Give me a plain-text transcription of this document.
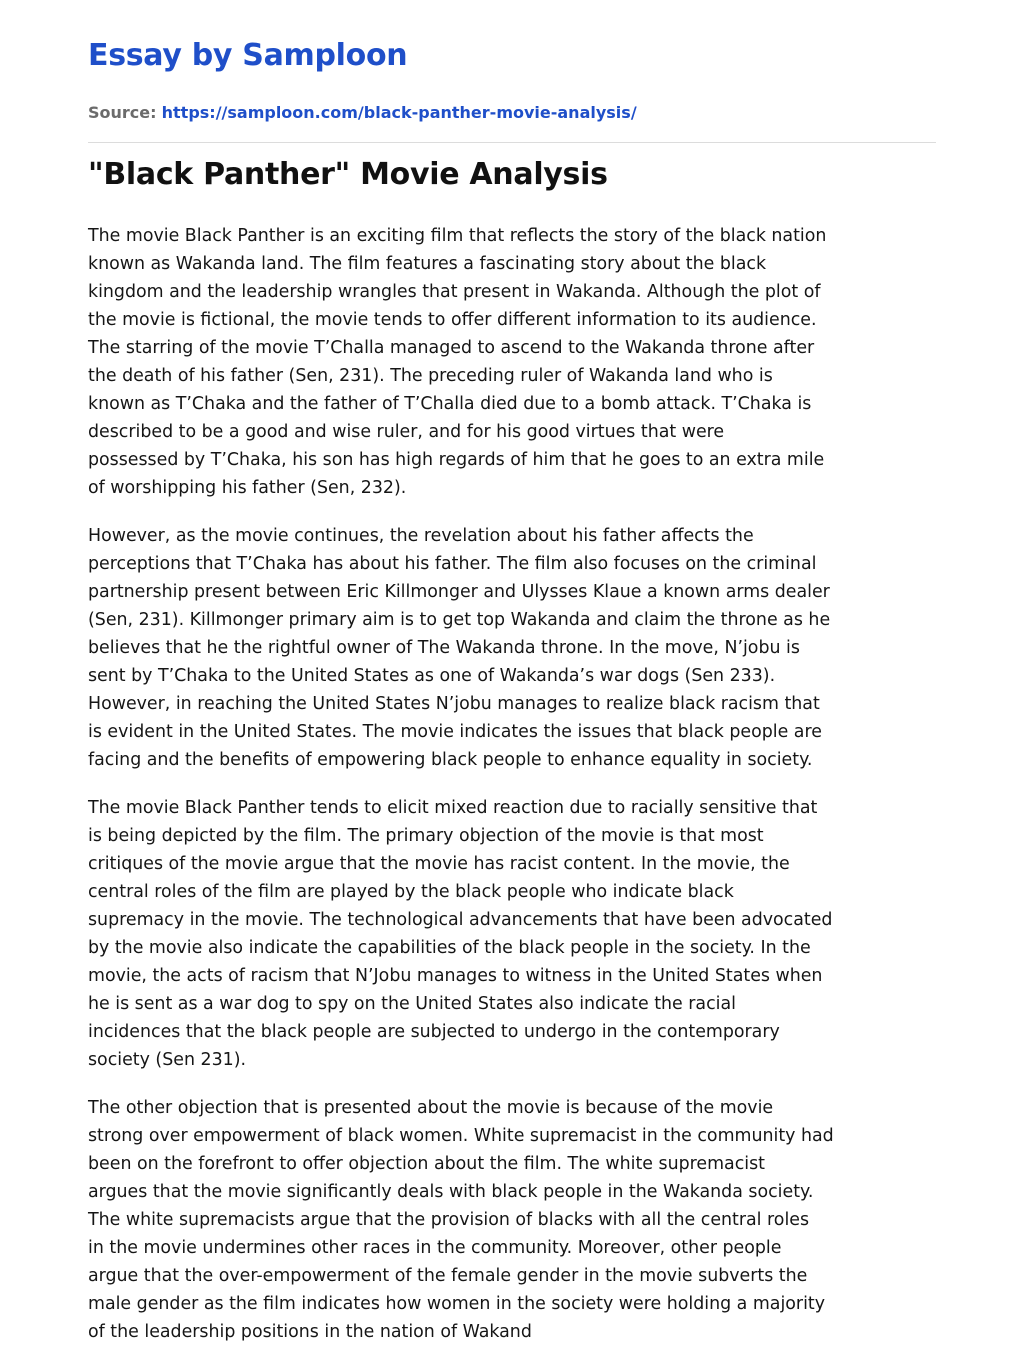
Essay by Samploon
Source: https://samploon.com/black-panther-movie-analysis/
"Black Panther" Movie Analysis

The movie Black Panther is an exciting film that reflects the story of the black nation
known as Wakanda land. The film features a fascinating story about the black
kingdom and the leadership wrangles that present in Wakanda. Although the plot of
the movie is fictional, the movie tends to offer different information to its audience.
The starring of the movie T’Challa managed to ascend to the Wakanda throne after
the death of his father (Sen, 231). The preceding ruler of Wakanda land who is
known as T’Chaka and the father of T’Challa died due to a bomb attack. T’Chaka is
described to be a good and wise ruler, and for his good virtues that were
possessed by T’Chaka, his son has high regards of him that he goes to an extra mile
of worshipping his father (Sen, 232).

However, as the movie continues, the revelation about his father affects the
perceptions that T’Chaka has about his father. The film also focuses on the criminal
partnership present between Eric Killmonger and Ulysses Klaue a known arms dealer
(Sen, 231). Killmonger primary aim is to get top Wakanda and claim the throne as he
believes that he the rightful owner of The Wakanda throne. In the move, N’jobu is
sent by T’Chaka to the United States as one of Wakanda’s war dogs (Sen 233).
However, in reaching the United States N’jobu manages to realize black racism that
is evident in the United States. The movie indicates the issues that black people are
facing and the benefits of empowering black people to enhance equality in society.

The movie Black Panther tends to elicit mixed reaction due to racially sensitive that
is being depicted by the film. The primary objection of the movie is that most
critiques of the movie argue that the movie has racist content. In the movie, the
central roles of the film are played by the black people who indicate black
supremacy in the movie. The technological advancements that have been advocated
by the movie also indicate the capabilities of the black people in the society. In the
movie, the acts of racism that N’Jobu manages to witness in the United States when
he is sent as a war dog to spy on the United States also indicate the racial
incidences that the black people are subjected to undergo in the contemporary
society (Sen 231).

The other objection that is presented about the movie is because of the movie
strong over empowerment of black women. White supremacist in the community had
been on the forefront to offer objection about the film. The white supremacist
argues that the movie significantly deals with black people in the Wakanda society.
The white supremacists argue that the provision of blacks with all the central roles
in the movie undermines other races in the community. Moreover, other people
argue that the over-empowerment of the female gender in the movie subverts the
male gender as the film indicates how women in the society were holding a majority
of the leadership positions in the nation of Wakand
